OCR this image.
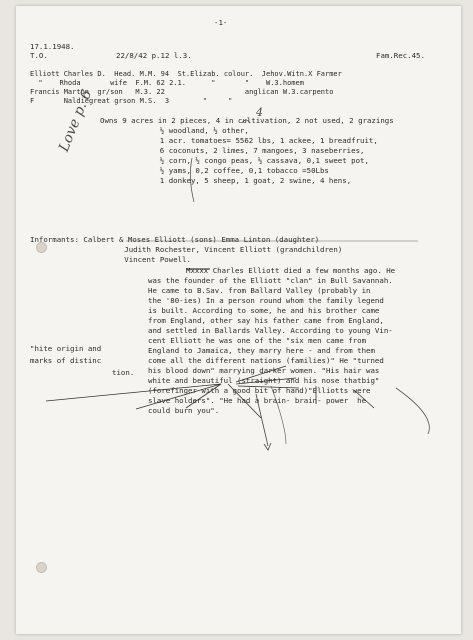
-1-
17.1.1948.
T.O.	22/8/42 p.12 l.3.	Fam.Rec.45.
Elliott Charles D.  Head. M.M. 94  St.Elizab. colour.  Jehov.Witn.X Farmer
"    Rhoda       wife  F.M. 62 2.1.      "       "    W.3.homem
Francis Marton  gr/son   M.3. 22                   anglican W.3.carpento
F       Naldiegreat grson M.S.  3        "     "
4
Owns 9 acres in 2 pieces, 4 in cultivation, 2 not used, 2 grazings
½ woodland, ½ other,
1 acr. tomatoes= 5562 lbs, 1 ackee, 1 breadfruit,
6 coconuts, 2 limes, 7 mangoes, 3 naseberries,
½ corn, ½ congo peas, ½ cassava, 0,1 sweet pot,
½ yams, 0,2 coffee, 0,1 tobacco =50Lbs
1 donkey, 5 sheep, 1 goat, 2 swine, 4 hens,
Love p. 6
Informants: Calbert & Moses Elliott (sons) Emma Linton (daughter)
Judith Rochester, Vincent Elliott (grandchildren)
Vincent Powell.
Mxxxx Charles Elliott died a few months ago. He
was the founder of the Elliott "clan" in Bull Savannah.
He came to B.Sav. from Ballard Valley (probably in
the '80-ies) In a person round whom the family legend
is built. According to some, he and his brother came
from England, other say his father came from England,
and settled in Ballards Valley. According to young Vin-
cent Elliott he was one of the "six men came from
England to Jamaica, they marry here - and from them
come all the different nations (families)" He "turned
his blood down" marrying darker women. "His hair was
white and beautiful (straight) and his nose thatbig"
(forefinger with a good bit of hand)"Elliotts were
slave holders". "He had a brain- brain- power  he
could burn you".
"hite origin and
marks of distinc
tion.
